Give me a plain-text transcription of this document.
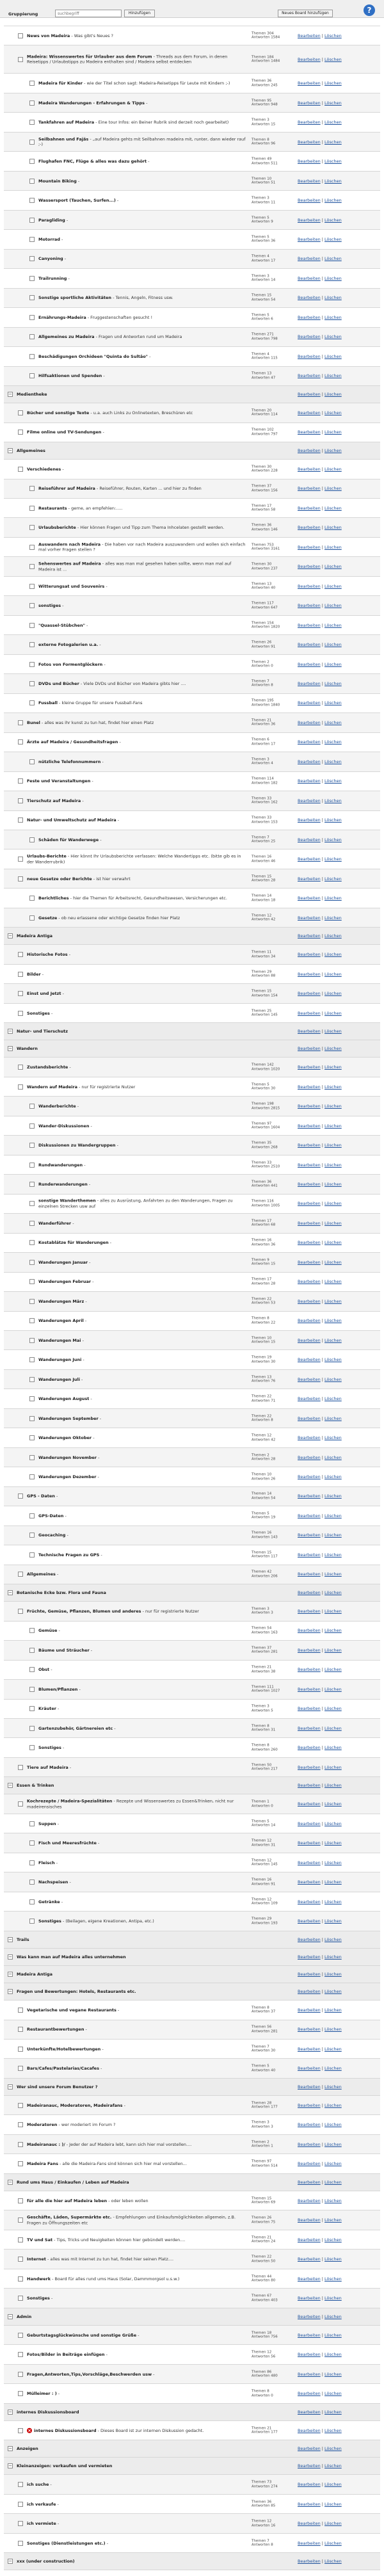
Gruppierung
suchbegriff	Hinzufügen	Neues Board hinzufügen	?
News von Madeira - Was gibt's Neues ?	Themen 304
Antworten 1584	Bearbeiten | Löschen
Madeira: Wissenswertes für Urlauber aus dem Forum - Threads aus dem Forum, in denen Reisetipps / Urlaubstipps zu Madeira enthalten sind / Madeira selbst entdecken
Themen 184
Antworten 1484	Bearbeiten | Löschen
Madeira für Kinder - wie der Titel schon sagt: Madeira-Reisetipps für Leute mit Kindern ;-)	Themen 36
Antworten 245	Bearbeiten | Löschen
Madeira Wanderungen - Erfahrungen & Tipps -	Themen 95
Antworten 948	Bearbeiten | Löschen
Tankfahren auf Madeira - Eine tour Infos: ein Beiner Rubrik sind derzeit noch gearbeitet)	Themen 3
Antworten 15	Bearbeiten | Löschen
Seilbahnen und Fajãs - „auf Madeira gehts mit Seilbahnen madeira mit, runter, dann wieder rauf ;-)
Themen 8
Antworten 96	Bearbeiten | Löschen
Flughafen FNC, Flüge & alles was dazu gehört -	Themen 49
Antworten 511	Bearbeiten | Löschen
Mountain Biking -	Themen 10
Antworten 51	Bearbeiten | Löschen
Wassersport (Tauchen, Surfen...) -	Themen 3
Antworten 11	Bearbeiten | Löschen
Paragliding -	Themen 5
Antworten 9	Bearbeiten | Löschen
Motorrad -	Themen 5
Antworten 36	Bearbeiten | Löschen
Canyoning -	Themen 4
Antworten 17	Bearbeiten | Löschen
Trailrunning -	Themen 3
Antworten 14	Bearbeiten | Löschen
Sonstige sportliche Aktivitäten - Tennis, Angeln, Fitness usw.	Themen 15
Antworten 54	Bearbeiten | Löschen
Ernährungs-Madeira - Fruggestenschaften gesucht !	Themen 5
Antworten 6	Bearbeiten | Löschen
Allgemeines zu Madeira - Fragen und Antworten rund um Madeira	Themen 271
Antworten 798	Bearbeiten | Löschen
Beschädigungen Orchideen "Quinta do Sultão" -	Themen 4
Antworten 115	Bearbeiten | Löschen
Hilfsaktionen und Spenden -	Themen 13
Antworten 47	Bearbeiten | Löschen
− Medientheke	Bearbeiten | Löschen
Bücher und sonstige Texte - u.a. auch Links zu Onlinetexten, Breschüren etc	Themen 20
Antworten 114	Bearbeiten | Löschen
Filme online und TV-Sendungen -	Themen 102
Antworten 797	Bearbeiten | Löschen
− Allgemeines	Bearbeiten | Löschen
Verschiedenes -	Themen 30
Antworten 228	Bearbeiten | Löschen
Reiseführer auf Madeira - Reiseführer, Routen, Karten ... und hier zu finden	Themen 37
Antworten 156	Bearbeiten | Löschen
Restaurants - gerne, an empfehlen:.....	Themen 17
Antworten 58	Bearbeiten | Löschen
Urlaubsberichte - Hier können Fragen und Tipp zum Thema Inhcelaten gestellt werden.	Themen 36
Antworten 146	Bearbeiten | Löschen
Auswandern nach Madeira - Die haben vor nach Madeira auszuwandern und wollen sich einfach mal vorher Fragen stellen ?
Themen 753
Antworten 3161	Bearbeiten | Löschen
Sehenswertes auf Madeira - alles was man mal gesehen haben sollte, wenn man mal auf Madeira ist ...
Themen 30
Antworten 237	Bearbeiten | Löschen
Witterungsat und Souvenirs -	Themen 13
Antworten 40	Bearbeiten | Löschen
sonstiges -	Themen 117
Antworten 647	Bearbeiten | Löschen
"Quassel-Stübchen" -	Themen 154
Antworten 1820	Bearbeiten | Löschen
externe Fotogalerien u.a. -	Themen 26
Antworten 91	Bearbeiten | Löschen
Fotos von Formentglöckern -	Themen 2
Antworten 0	Bearbeiten | Löschen
DVDs und Bücher - Viele DVDs und Bücher von Madeira gibts hier ....	Themen 7
Antworten 8	Bearbeiten | Löschen
Fussball - kleine Gruppe für unsere Fussball-Fans	Themen 195
Antworten 1840	Bearbeiten | Löschen
Bunel - alles was ihr kunst zu tun hat, findet hier einen Platz	Themen 21
Antworten 36	Bearbeiten | Löschen
Ärzte auf Madeira / Gesundheitsfragen -	Themen 6
Antworten 17	Bearbeiten | Löschen
nützliche Telefonnummern -	Themen 3
Antworten 4	Bearbeiten | Löschen
Feste und Veranstaltungen -	Themen 114
Antworten 182	Bearbeiten | Löschen
Tierschutz auf Madeira -	Themen 33
Antworten 162	Bearbeiten | Löschen
Natur- und Umweltschutz auf Madeira -	Themen 33
Antworten 153	Bearbeiten | Löschen
Schäden für Wanderwege -	Themen 7
Antworten 25	Bearbeiten | Löschen
Urlaubs-Berichte - Hier könnt Ihr Urlaubsberichte verfassen: Welche Wandertipps etc. (bitte gib es in der Wanderrubrik)
Themen 16
Antworten 46	Bearbeiten | Löschen
neue Gesetze oder Berichte - ist hier verwahrt	Themen 15
Antworten 28	Bearbeiten | Löschen
Berichtliches - hier die Themen für Arbeitsrecht, Gesundheitswesen, Versicherungen etc.	Themen 14
Antworten 18	Bearbeiten | Löschen
Gesetze - ob neu erlassene oder wichtige Gesetze finden hier Platz	Themen 12
Antworten 42	Bearbeiten | Löschen
− Madeira Antiga	Bearbeiten | Löschen
Historische Fotos -	Themen 11
Antworten 34	Bearbeiten | Löschen
Bilder -	Themen 29
Antworten 88	Bearbeiten | Löschen
Einst und Jetzt -	Themen 15
Antworten 154	Bearbeiten | Löschen
Sonstiges -	Themen 25
Antworten 145	Bearbeiten | Löschen
− Natur- und Tierschutz	Bearbeiten | Löschen
− Wandern	Bearbeiten | Löschen
Zustandsberichte -	Themen 142
Antworten 1020	Bearbeiten | Löschen
Wandern auf Madeira - nur für registrierte Nutzer	Themen 5
Antworten 30	Bearbeiten | Löschen
Wanderberichte -	Themen 198
Antworten 2815	Bearbeiten | Löschen
Wander-Diskussionen -	Themen 97
Antworten 1604	Bearbeiten | Löschen
Diskussionen zu Wandergruppen -	Themen 35
Antworten 268	Bearbeiten | Löschen
Rundwanderungen -	Themen 33
Antworten 2510	Bearbeiten | Löschen
Runderwanderungen -	Themen 36
Antworten 441	Bearbeiten | Löschen
sonstige Wanderthemen - alles zu Ausrüstung, Anfahrten zu den Wanderungen, Fragen zu einzelnen Strecken usw auf
Themen 116
Antworten 1005	Bearbeiten | Löschen
Wanderführer -	Themen 17
Antworten 68	Bearbeiten | Löschen
Kostablätze für Wanderungen -	Themen 16
Antworten 36	Bearbeiten | Löschen
Wanderungen Januar -	Themen 9
Antworten 15	Bearbeiten | Löschen
Wanderungen Februar -	Themen 17
Antworten 28	Bearbeiten | Löschen
Wanderungen März -	Themen 22
Antworten 53	Bearbeiten | Löschen
Wanderungen April -	Themen 8
Antworten 22	Bearbeiten | Löschen
Wanderungen Mai -	Themen 10
Antworten 15	Bearbeiten | Löschen
Wanderungen Juni -	Themen 19
Antworten 30	Bearbeiten | Löschen
Wanderungen Juli -	Themen 13
Antworten 76	Bearbeiten | Löschen
Wanderungen August -	Themen 22
Antworten 71	Bearbeiten | Löschen
Wanderungen September -	Themen 22
Antworten 8	Bearbeiten | Löschen
Wanderungen Oktober -	Themen 12
Antworten 42	Bearbeiten | Löschen
Wanderungen November -	Themen 2
Antworten 28	Bearbeiten | Löschen
Wanderungen Dezember -	Themen 10
Antworten 26	Bearbeiten | Löschen
GPS - Daten -	Themen 14
Antworten 54	Bearbeiten | Löschen
GPS-Daten -	Themen 5
Antworten 19	Bearbeiten | Löschen
Geocaching -	Themen 16
Antworten 143	Bearbeiten | Löschen
Technische Fragen zu GPS -	Themen 15
Antworten 117	Bearbeiten | Löschen
Allgemeines -	Themen 42
Antworten 206	Bearbeiten | Löschen
− Botanische Ecke bzw. Flora und Fauna	Bearbeiten | Löschen
Früchte, Gemüse, Pflanzen, Blumen und anderes - nur für registrierte Nutzer	Themen 3
Antworten 3	Bearbeiten | Löschen
Gemüse -	Themen 54
Antworten 163	Bearbeiten | Löschen
Bäume und Sträucher -	Themen 37
Antworten 281	Bearbeiten | Löschen
Obst -	Themen 21
Antworten 38	Bearbeiten | Löschen
Blumen/Pflanzen -	Themen 111
Antworten 1027	Bearbeiten | Löschen
Kräuter -	Themen 3
Antworten 5	Bearbeiten | Löschen
Gartenzubehör, Gärtnereien etc -	Themen 8
Antworten 31	Bearbeiten | Löschen
Sonstiges -	Themen 8
Antworten 260	Bearbeiten | Löschen
Tiere auf Madeira -	Themen 50
Antworten 217	Bearbeiten | Löschen
− Essen & Trinken	Bearbeiten | Löschen
Kochrezepte / Madeira-Spezialitäten - Rezepte und Wissenswertes zu Essen&Trinken, nicht nur madeirensisches
Themen 1
Antworten 0	Bearbeiten | Löschen
Suppen -	Themen 5
Antworten 14	Bearbeiten | Löschen
Fisch und Meeresfrüchte -	Themen 12
Antworten 31	Bearbeiten | Löschen
Fleisch -	Themen 12
Antworten 145	Bearbeiten | Löschen
Nachspeisen -	Themen 16
Antworten 91	Bearbeiten | Löschen
Getränke -	Themen 12
Antworten 109	Bearbeiten | Löschen
Sonstiges - (Beilagen, eigene Kreationen, Antipa, etc.)	Themen 29
Antworten 193	Bearbeiten | Löschen
− Trails	Bearbeiten | Löschen
− Was kann man auf Madeira alles unternehmen	Bearbeiten | Löschen
− Madeira Antiga	Bearbeiten | Löschen
− Fragen und Bewertungen: Hotels, Restaurants etc.	Bearbeiten | Löschen
Vegetarische und vegane Restaurants -	Themen 8
Antworten 37	Bearbeiten | Löschen
Restaurantbewertungen -	Themen 56
Antworten 281	Bearbeiten | Löschen
Unterkünfte/Hotelbewertungen -	Themen 7
Antworten 30	Bearbeiten | Löschen
Bars/Cafes/Pastelarias/Cacafes -	Themen 5
Antworten 40	Bearbeiten | Löschen
− Wer sind unsere Forum Benutzer ?	Bearbeiten | Löschen
Madeiranauc, Moderatoren, Madeirafans -	Themen 28
Antworten 177	Bearbeiten | Löschen
Moderatoren - wer moderiert im Forum ?	Themen 3
Antworten 3	Bearbeiten | Löschen
Madeiranauc : )/ - Jeder der auf Madeira lebt, kann sich hier mal vorstellen....	Themen 2
Antworten 1	Bearbeiten | Löschen
Madeira Fans - alle die Madeira-Fans sind können sich hier mal vorstellen...	Themen 97
Antworten 514	Bearbeiten | Löschen
− Rund ums Haus / Einkaufen / Leben auf Madeira	Bearbeiten | Löschen
für alle die hier auf Madeira leben - oder leben wollen	Themen 15
Antworten 69	Bearbeiten | Löschen
Geschäfte, Läden, Supermärkte etc. - Empfehlungen und Einkaufsmöglichkeiten allgemein, z.B. Fragen zu Öffnungszeiten etc
Themen 26
Antworten 75	Bearbeiten | Löschen
TV und Sat - Tips, Tricks und Neuigkeiten können hier gebündelt werden....	Themen 21
Antworten 24	Bearbeiten | Löschen
Internet - alles was mit Internet zu tun hat, findet hier seinen Platz....	Themen 22
Antworten 50	Bearbeiten | Löschen
Handwerk - Board für alles rund ums Haus (Solar, Dammmorgsol u.s.w.)	Themen 44
Antworten 80	Bearbeiten | Löschen
Sonstiges -	Themen 67
Antworten 403	Bearbeiten | Löschen
− Admin	Bearbeiten | Löschen
Geburtstagsglückwünsche und sonstige Grüße -	Themen 18
Antworten 756	Bearbeiten | Löschen
Fotos/Bilder in Beiträge einfügen -	Themen 12
Antworten 56	Bearbeiten | Löschen
Fragen,Antworten,Tips,Vorschläge,Beschwerden usw -	Themen 86
Antworten 480	Bearbeiten | Löschen
Mülleimer : ) -	Themen 8
Antworten 0	Bearbeiten | Löschen
− internes Diskussionsboard	Bearbeiten | Löschen
× internes Diskussionsboard - Dieses Board ist zur internen Diskussion gedacht.	Themen 21
Antworten 177	Bearbeiten | Löschen
− Anzeigen	Bearbeiten | Löschen
− Kleinanzeigen: verkaufen und vermieten	Bearbeiten | Löschen
ich suche -	Themen 73
Antworten 274	Bearbeiten | Löschen
ich verkaufe -	Themen 36
Antworten 85	Bearbeiten | Löschen
ich vermiete -	Themen 12
Antworten 16	Bearbeiten | Löschen
Sonstiges (Dienstleistungen etc.) -	Themen 7
Antworten 8	Bearbeiten | Löschen
− xxx (under construction)	Bearbeiten | Löschen
